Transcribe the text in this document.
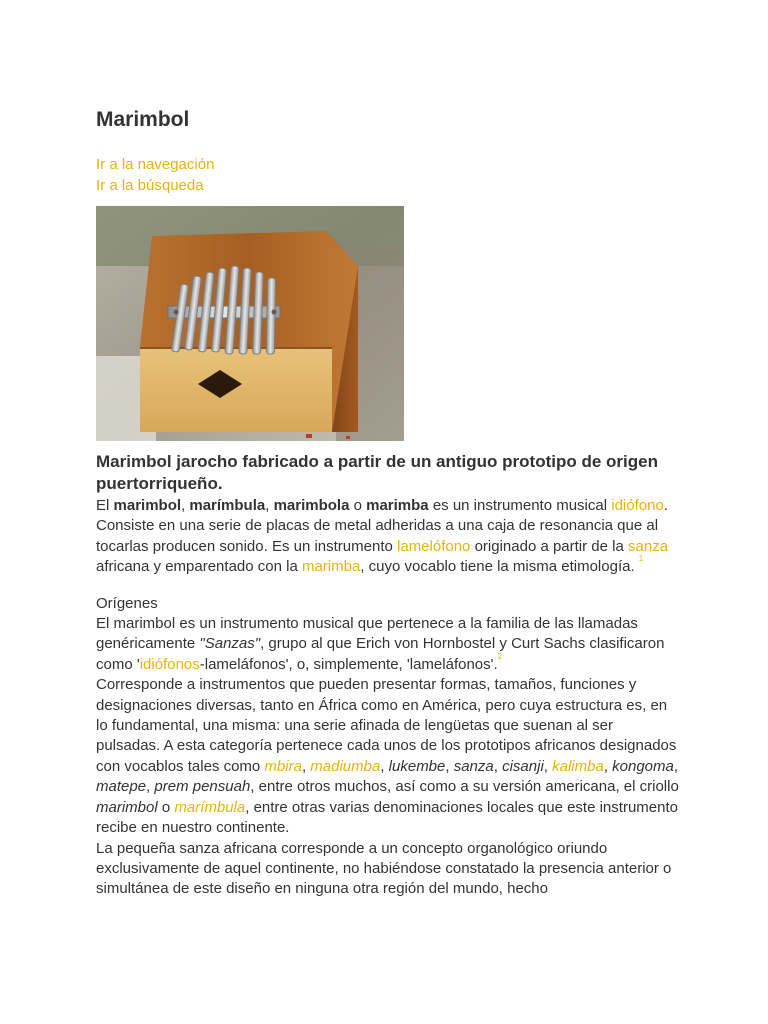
Marimbol
Ir a la navegación
Ir a la búsqueda

Marimbol jarocho fabricado a partir de un antiguo prototipo de origen puertorriqueño.

El marimbol, marímbula, marimbola o marimba es un instrumento musical idiófono. Consiste en una serie de placas de metal adheridas a una caja de resonancia que al tocarlas producen sonido. Es un instrumento lamelófono originado a partir de la sanza africana y emparentado con la marimba, cuyo vocablo tiene la misma etimología. $^1$

Orígenes

El marimbol es un instrumento musical que pertenece a la familia de las llamadas genéricamente "Sanzas", grupo al que Erich von Hornbostel y Curt Sachs clasificaron como 'idiófonos-lameláfonos', o, simplemente, 'lameláfonos'.$^2$

Corresponde a instrumentos que pueden presentar formas, tamaños, funciones y designaciones diversas, tanto en África como en América, pero cuya estructura es, en lo fundamental, una misma: una serie afinada de lengüetas que suenan al ser pulsadas. A esta categoría pertenece cada unos de los prototipos africanos designados con vocablos tales como mbira, madiumba, lukembe, sanza, cisanji, kalimba, kongoma, matepe, prem pensuah, entre otros muchos, así como a su versión americana, el criollo marimbol o marímbula, entre otras varias denominaciones locales que este instrumento recibe en nuestro continente.

La pequeña sanza africana corresponde a un concepto organológico oriundo exclusivamente de aquel continente, no habiéndose constatado la presencia anterior o simultánea de este diseño en ninguna otra región del mundo, hecho
